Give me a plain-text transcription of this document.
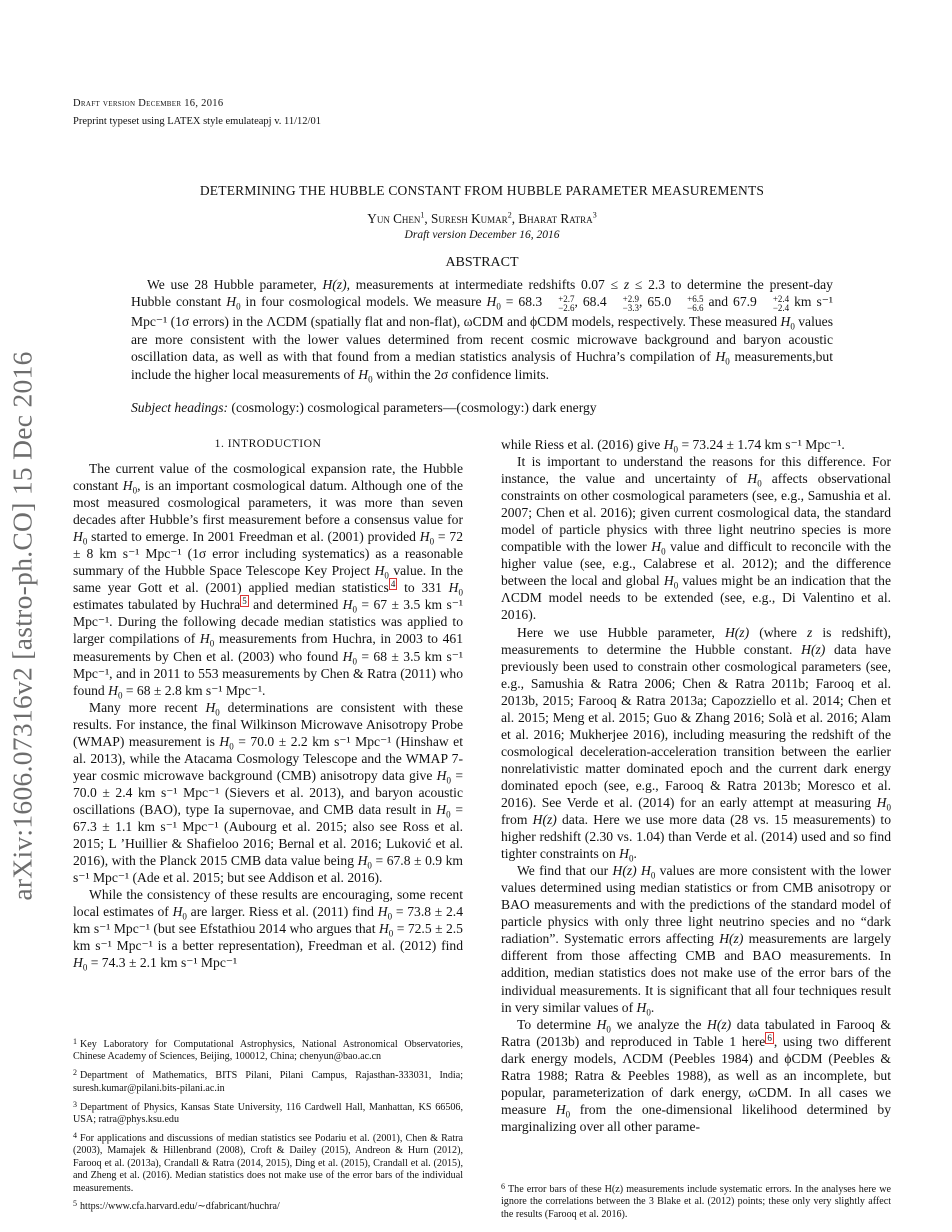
arXiv:1606.07316v2 [astro-ph.CO] 15 Dec 2016
Draft version December 16, 2016
Preprint typeset using LATEX style emulateapj v. 11/12/01
DETERMINING THE HUBBLE CONSTANT FROM HUBBLE PARAMETER MEASUREMENTS
Yun Chen$^1$, Suresh Kumar$^2$, Bharat Ratra$^3$
Draft version December 16, 2016
ABSTRACT

We use 28 Hubble parameter, H(z), measurements at intermediate redshifts 0.07 ≤ z ≤ 2.3 to determine the present-day Hubble constant $H_0$ in four cosmological models. We measure $H_0 = 68.3$	+2.7
−2.6 , 68.4	+2.9
−3.3 , 65.0	+6.5
−6.6 and 67.9	+2.4
−2.4 km s⁻¹ Mpc⁻¹ (1σ errors) in the ΛCDM (spatially flat and non-flat), ωCDM and ϕCDM models, respectively. These measured $H_0$ values are more consistent with the lower values determined from recent cosmic microwave background and baryon acoustic oscillation data, as well as with that found from a median statistics analysis of Huchra’s compilation of $H_0$ measurements,but include the higher local measurements of $H_0$ within the 2σ confidence limits.

Subject headings: (cosmology:) cosmological parameters—(cosmology:) dark energy
1. INTRODUCTION

The current value of the cosmological expansion rate, the Hubble constant $H_0$, is an important cosmological datum. Although one of the most measured cosmological parameters, it was more than seven decades after Hubble’s first measurement before a consensus value for $H_0$ started to emerge. In 2001 Freedman et al. (2001) provided $H_0 = 72 \pm 8$ km s⁻¹ Mpc⁻¹ (1σ error including systematics) as a reasonable summary of the Hubble Space Telescope Key Project $H_0$ value. In the same year Gott et al. (2001) applied median statistics $^4$ to 331 $H_0$ estimates tabulated by Huchra $^5$ and determined $H_0 = 67 \pm 3.5$ km s⁻¹ Mpc⁻¹. During the following decade median statistics was applied to larger compilations of $H_0$ measurements from Huchra, in 2003 to 461 measurements by Chen et al. (2003) who found $H_0 = 68 \pm 3.5$ km s⁻¹ Mpc⁻¹, and in 2011 to 553 measurements by Chen & Ratra (2011) who found $H_0 = 68 \pm 2.8$ km s⁻¹ Mpc⁻¹.

Many more recent $H_0$ determinations are consistent with these results. For instance, the final Wilkinson Microwave Anisotropy Probe (WMAP) measurement is $H_0 = 70.0 \pm 2.2$ km s⁻¹ Mpc⁻¹ (Hinshaw et al. 2013), while the Atacama Cosmology Telescope and the WMAP 7-year cosmic microwave background (CMB) anisotropy data give $H_0 = 70.0 \pm 2.4$ km s⁻¹ Mpc⁻¹ (Sievers et al. 2013), and baryon acoustic oscillations (BAO), type Ia supernovae, and CMB data result in $H_0 = 67.3 \pm 1.1$ km s⁻¹ Mpc⁻¹ (Aubourg et al. 2015; also see Ross et al. 2015; L ’Huillier & Shafieloo 2016; Bernal et al. 2016; Luković et al. 2016), with the Planck 2015 CMB data value being $H_0 = 67.8 \pm 0.9$ km s⁻¹ Mpc⁻¹ (Ade et al. 2015; but see Addison et al. 2016).

While the consistency of these results are encouraging, some recent local estimates of $H_0$ are larger. Riess et al. (2011) find $H_0 = 73.8 \pm 2.4$ km s⁻¹ Mpc⁻¹ (but see Efstathiou 2014 who argues that $H_0 = 72.5 \pm 2.5$ km s⁻¹ Mpc⁻¹ is a better representation), Freedman et al. (2012) find $H_0 = 74.3 \pm 2.1$ km s⁻¹ Mpc⁻¹

$^1$ Key Laboratory for Computational Astrophysics, National Astronomical Observatories, Chinese Academy of Sciences, Beijing, 100012, China; chenyun@bao.ac.cn

$^2$ Department of Mathematics, BITS Pilani, Pilani Campus, Rajasthan-333031, India; suresh.kumar@pilani.bits-pilani.ac.in

$^3$ Department of Physics, Kansas State University, 116 Cardwell Hall, Manhattan, KS 66506, USA; ratra@phys.ksu.edu

$^4$ For applications and discussions of median statistics see Podariu et al. (2001), Chen & Ratra (2003), Mamajek & Hillenbrand (2008), Croft & Dailey (2015), Andreon & Hurn (2012), Farooq et al. (2013a), Crandall & Ratra (2014, 2015), Ding et al. (2015), Crandall et al. (2015), and Zheng et al. (2016). Median statistics does not make use of the error bars of the individual measurements.

$^5$ https://www.cfa.harvard.edu/∼dfabricant/huchra/

while Riess et al. (2016) give $H_0 = 73.24 \pm 1.74$ km s⁻¹ Mpc⁻¹.

It is important to understand the reasons for this difference. For instance, the value and uncertainty of $H_0$ affects observational constraints on other cosmological parameters (see, e.g., Samushia et al. 2007; Chen et al. 2016); given current cosmological data, the standard model of particle physics with three light neutrino species is more compatible with the lower $H_0$ value and difficult to reconcile with the higher value (see, e.g., Calabrese et al. 2012); and the difference between the local and global $H_0$ values might be an indication that the ΛCDM model needs to be extended (see, e.g., Di Valentino et al. 2016).

Here we use Hubble parameter, H(z) (where z is redshift), measurements to determine the Hubble constant. H(z) data have previously been used to constrain other cosmological parameters (see, e.g., Samushia & Ratra 2006; Chen & Ratra 2011b; Farooq et al. 2013b, 2015; Farooq & Ratra 2013a; Capozziello et al. 2014; Chen et al. 2015; Meng et al. 2015; Guo & Zhang 2016; Solà et al. 2016; Alam et al. 2016; Mukherjee 2016), including measuring the redshift of the cosmological deceleration-acceleration transition between the earlier nonrelativistic matter dominated epoch and the current dark energy dominated epoch (see, e.g., Farooq & Ratra 2013b; Moresco et al. 2016). See Verde et al. (2014) for an early attempt at measuring $H_0$ from H(z) data. Here we use more data (28 vs. 15 measurements) to higher redshift (2.30 vs. 1.04) than Verde et al. (2014) used and so find tighter constraints on $H_0$.

We find that our H(z) $H_0$ values are more consistent with the lower values determined using median statistics or from CMB anisotropy or BAO measurements and with the predictions of the standard model of particle physics with only three light neutrino species and no “dark radiation”. Systematic errors affecting H(z) measurements are largely different from those affecting CMB and BAO measurements. In addition, median statistics does not make use of the error bars of the individual measurements. It is significant that all four techniques result in very similar values of $H_0$.

To determine $H_0$ we analyze the H(z) data tabulated in Farooq & Ratra (2013b) and reproduced in Table 1 here $^6$ , using two different dark energy models, ΛCDM (Peebles 1984) and ϕCDM (Peebles & Ratra 1988; Ratra & Peebles 1988), as well as an incomplete, but popular, parameterization of dark energy, ωCDM. In all cases we measure $H_0$ from the one-dimensional likelihood determined by marginalizing over all other parame-

$^6$ The error bars of these H(z) measurements include systematic errors. In the analyses here we ignore the correlations between the 3 Blake et al. (2012) points; these only very slightly affect the results (Farooq et al. 2016).
